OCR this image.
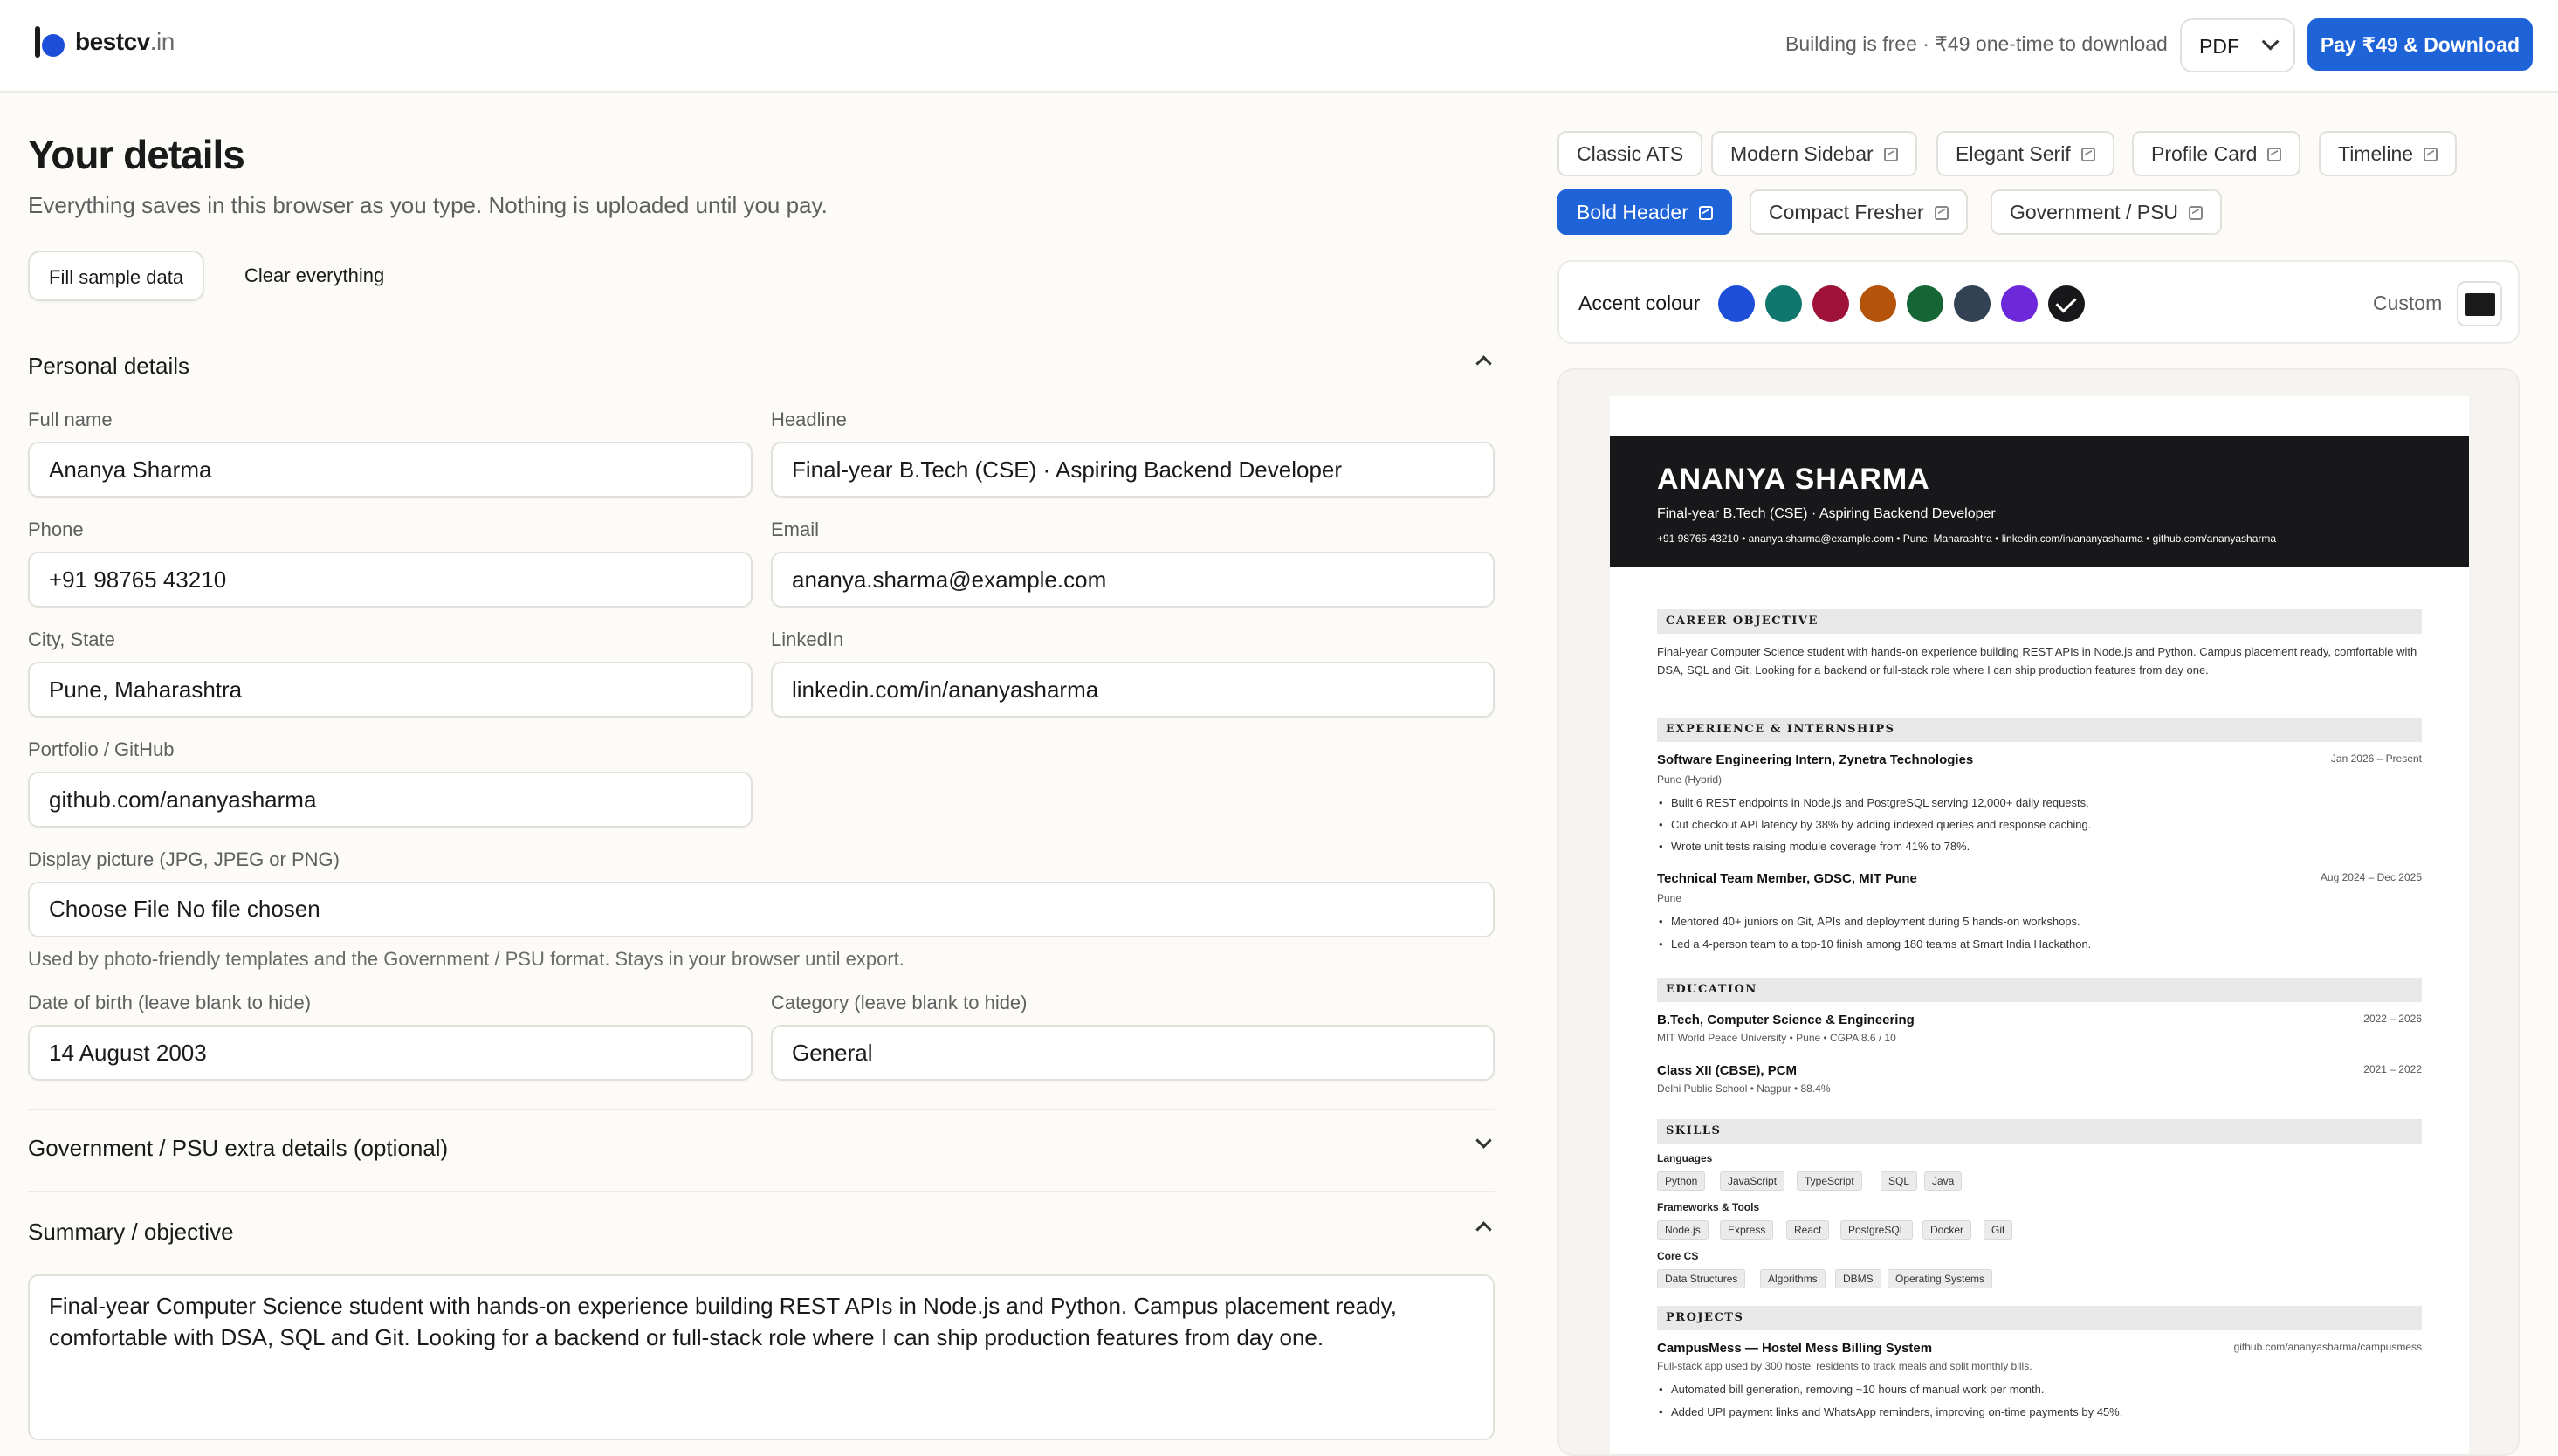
bestcv.in	Building is free · ₹49 one-time to download	PDF	Pay ₹49 & Download
Your details
Everything saves in this browser as you type. Nothing is uploaded until you pay.
Fill sample data	Clear everything
Personal details
Full name
Ananya Sharma
Headline
Final-year B.Tech (CSE) · Aspiring Backend Developer
Phone
+91 98765 43210
Email
ananya.sharma@example.com
City, State
Pune, Maharashtra
LinkedIn
linkedin.com/in/ananyasharma
Portfolio / GitHub
github.com/ananyasharma
Display picture (JPG, JPEG or PNG)
Choose File No file chosen
Used by photo-friendly templates and the Government / PSU format. Stays in your browser until export.
Date of birth (leave blank to hide)
14 August 2003
Category (leave blank to hide)
General
Government / PSU extra details (optional)
Summary / objective
Final-year Computer Science student with hands-on experience building REST APIs in Node.js and Python. Campus placement ready, comfortable with DSA, SQL and Git. Looking for a backend or full-stack role where I can ship production features from day one.
Classic ATS	Modern Sidebar	Elegant Serif	Profile Card	Timeline
Bold Header	Compact Fresher	Government / PSU
Accent colour	Custom
ANANYA SHARMA
Final-year B.Tech (CSE) · Aspiring Backend Developer
+91 98765 43210 • ananya.sharma@example.com • Pune, Maharashtra • linkedin.com/in/ananyasharma • github.com/ananyasharma
CAREER OBJECTIVE
Final-year Computer Science student with hands-on experience building REST APIs in Node.js and Python. Campus placement ready, comfortable with DSA, SQL and Git. Looking for a backend or full-stack role where I can ship production features from day one.
EXPERIENCE & INTERNSHIPS
Software Engineering Intern, Zynetra Technologies	Jan 2026 – Present
Pune (Hybrid)
• Built 6 REST endpoints in Node.js and PostgreSQL serving 12,000+ daily requests.
• Cut checkout API latency by 38% by adding indexed queries and response caching.
• Wrote unit tests raising module coverage from 41% to 78%.
Technical Team Member, GDSC, MIT Pune	Aug 2024 – Dec 2025
Pune
• Mentored 40+ juniors on Git, APIs and deployment during 5 hands-on workshops.
• Led a 4-person team to a top-10 finish among 180 teams at Smart India Hackathon.
EDUCATION
B.Tech, Computer Science & Engineering	2022 – 2026
MIT World Peace University • Pune • CGPA 8.6 / 10
Class XII (CBSE), PCM	2021 – 2022
Delhi Public School • Nagpur • 88.4%
SKILLS
Languages
Python	JavaScript	TypeScript	SQL	Java
Frameworks & Tools
Node.js	Express	React	PostgreSQL	Docker	Git
Core CS
Data Structures	Algorithms	DBMS	Operating Systems
PROJECTS
CampusMess — Hostel Mess Billing System	github.com/ananyasharma/campusmess
Full-stack app used by 300 hostel residents to track meals and split monthly bills.
• Automated bill generation, removing ~10 hours of manual work per month.
• Added UPI payment links and WhatsApp reminders, improving on-time payments by 45%.
